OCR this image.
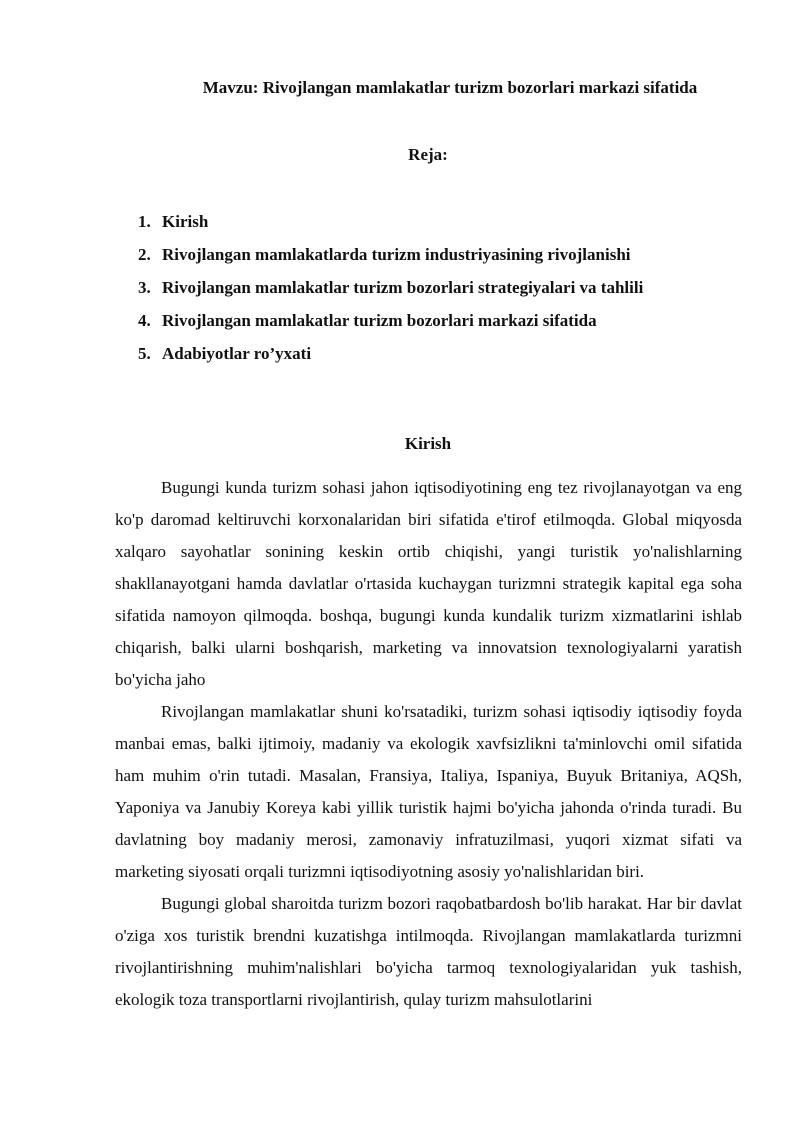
Mavzu: Rivojlangan mamlakatlar turizm bozorlari markazi sifatida
Reja:
1. Kirish
2. Rivojlangan mamlakatlarda turizm industriyasining rivojlanishi
3. Rivojlangan mamlakatlar turizm bozorlari strategiyalari va tahlili
4. Rivojlangan mamlakatlar turizm bozorlari markazi sifatida
5. Adabiyotlar ro’yxati
Kirish

Bugungi kunda turizm sohasi jahon iqtisodiyotining eng tez rivojlanayotgan va eng ko'p daromad keltiruvchi korxonalaridan biri sifatida e'tirof etilmoqda. Global miqyosda xalqaro sayohatlar sonining keskin ortib chiqishi, yangi turistik yo'nalishlarning shakllanayotgani hamda davlatlar o'rtasida kuchaygan turizmni strategik kapital ega soha sifatida namoyon qilmoqda. boshqa, bugungi kunda kundalik turizm xizmatlarini ishlab chiqarish, balki ularni boshqarish, marketing va innovatsion texnologiyalarni yaratish bo'yicha jaho

Rivojlangan mamlakatlar shuni ko'rsatadiki, turizm sohasi iqtisodiy iqtisodiy foyda manbai emas, balki ijtimoiy, madaniy va ekologik xavfsizlikni ta'minlovchi omil sifatida ham muhim o'rin tutadi. Masalan, Fransiya, Italiya, Ispaniya, Buyuk Britaniya, AQSh, Yaponiya va Janubiy Koreya kabi yillik turistik hajmi bo'yicha jahonda o'rinda turadi. Bu davlatning boy madaniy merosi, zamonaviy infratuzilmasi, yuqori xizmat sifati va marketing siyosati orqali turizmni iqtisodiyotning asosiy yo'nalishlaridan biri.

Bugungi global sharoitda turizm bozori raqobatbardosh bo'lib harakat. Har bir davlat o'ziga xos turistik brendni kuzatishga intilmoqda. Rivojlangan mamlakatlarda turizmni rivojlantirishning muhim'nalishlari bo'yicha tarmoq texnologiyalaridan yuk tashish, ekologik toza transportlarni rivojlantirish, qulay turizm mahsulotlarini
